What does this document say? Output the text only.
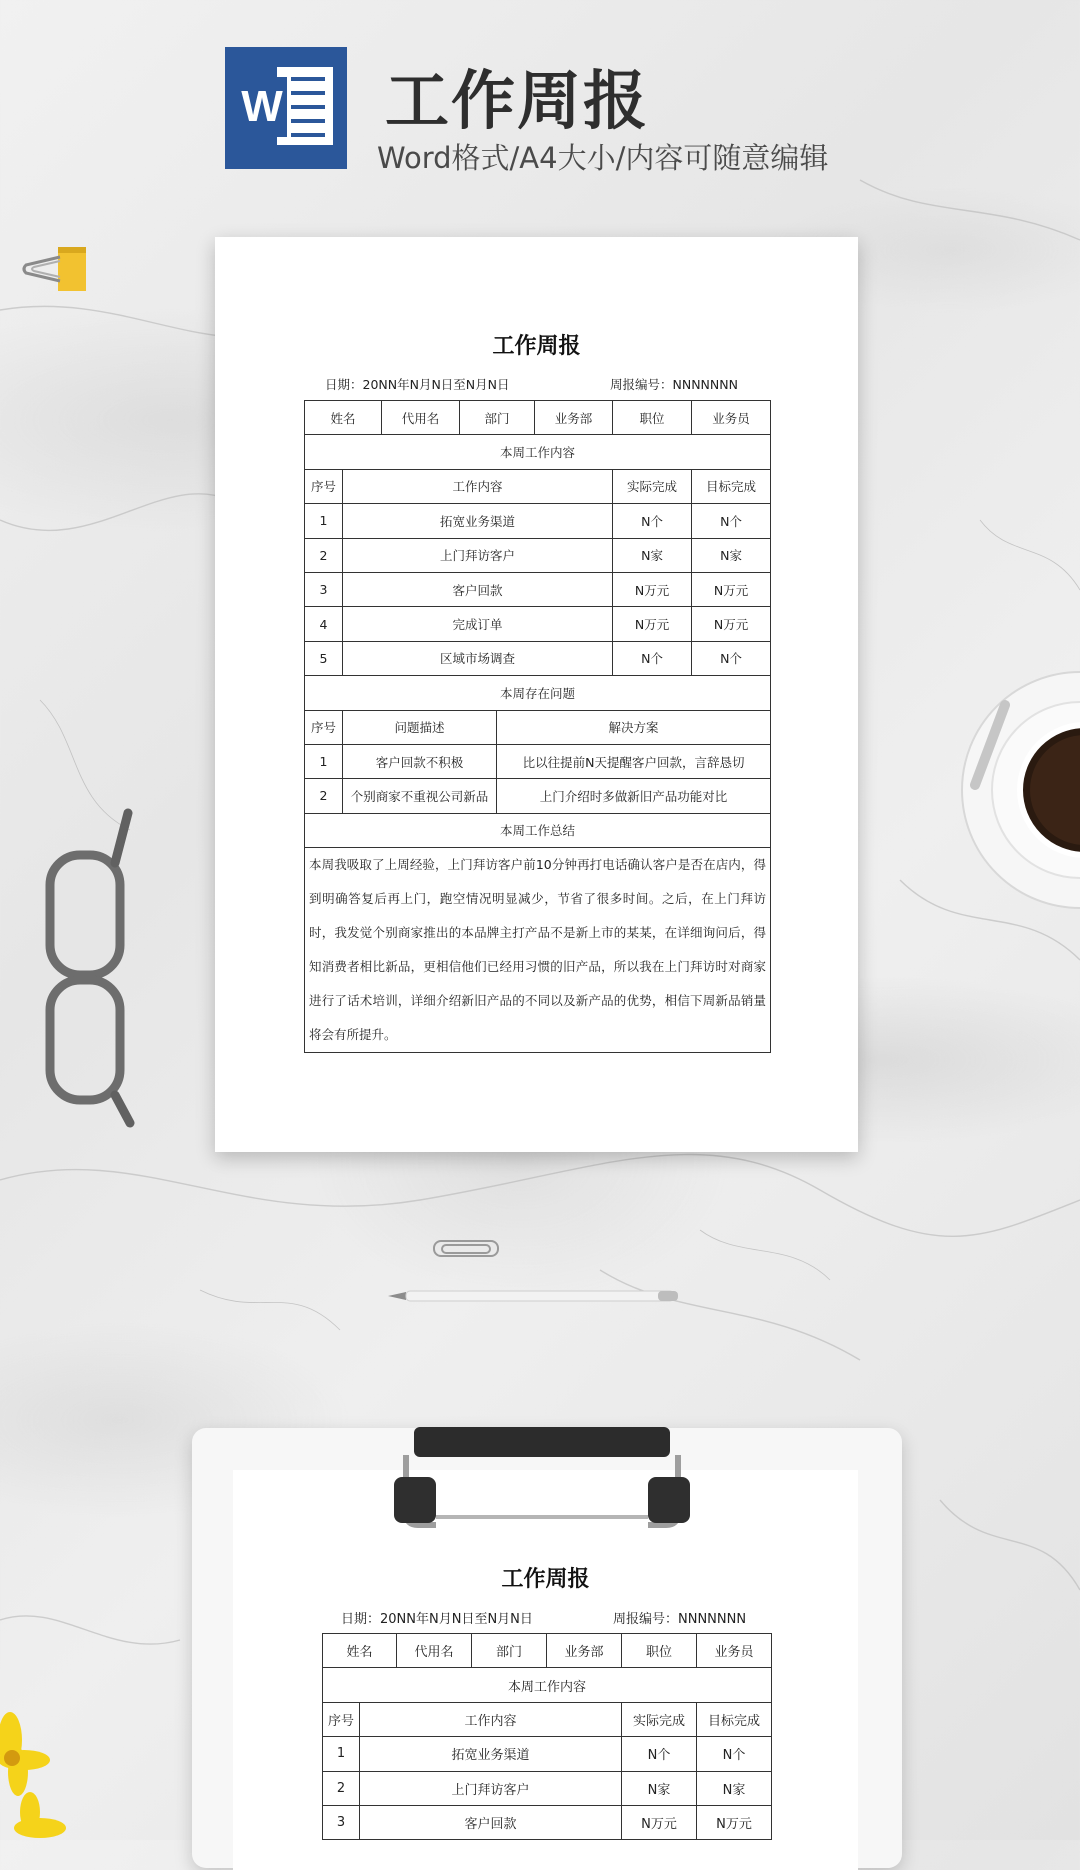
W 工作周报
Word格式/A4大小/内容可随意编辑
工作周报
日期：20NN年N月N日至N月N日	周报编号：NNNNNNN
姓名		代用名	部门		业务部	职位	业务员
本周工作内容							
序号	工作内容					实际完成	目标完成
1	拓宽业务渠道					N个	N个
2	上门拜访客户					N家	N家
3	客户回款					N万元	N万元
4	完成订单					N万元	N万元
5	区域市场调查					N个	N个
本周存在问题							
序号	问题描述			解决方案			
1	客户回款不积极			比以往提前N天提醒客户回款，言辞恳切			
2	个别商家不重视公司新品			上门介绍时多做新旧产品功能对比			
本周工作总结							
本周我吸取了上周经验，上门拜访客户前10分钟再打电话确认客户是否在店内，得到明确答复后再上门，跑空情况明显减少，节省了很多时间。之后，在上门拜访时，我发觉个别商家推出的本品牌主打产品不是新上市的某某，在详细询问后，得知消费者相比新品，更相信他们已经用习惯的旧产品，所以我在上门拜访时对商家进行了话术培训，详细介绍新旧产品的不同以及新产品的优势，相信下周新品销量将会有所提升。							
工作周报
日期：20NN年N月N日至N月N日	周报编号：NNNNNNN
姓名		代用名	部门	业务部	职位	业务员
本周工作内容						
序号	工作内容				实际完成	目标完成
1	拓宽业务渠道				N个	N个
2	上门拜访客户				N家	N家
3	客户回款				N万元	N万元
